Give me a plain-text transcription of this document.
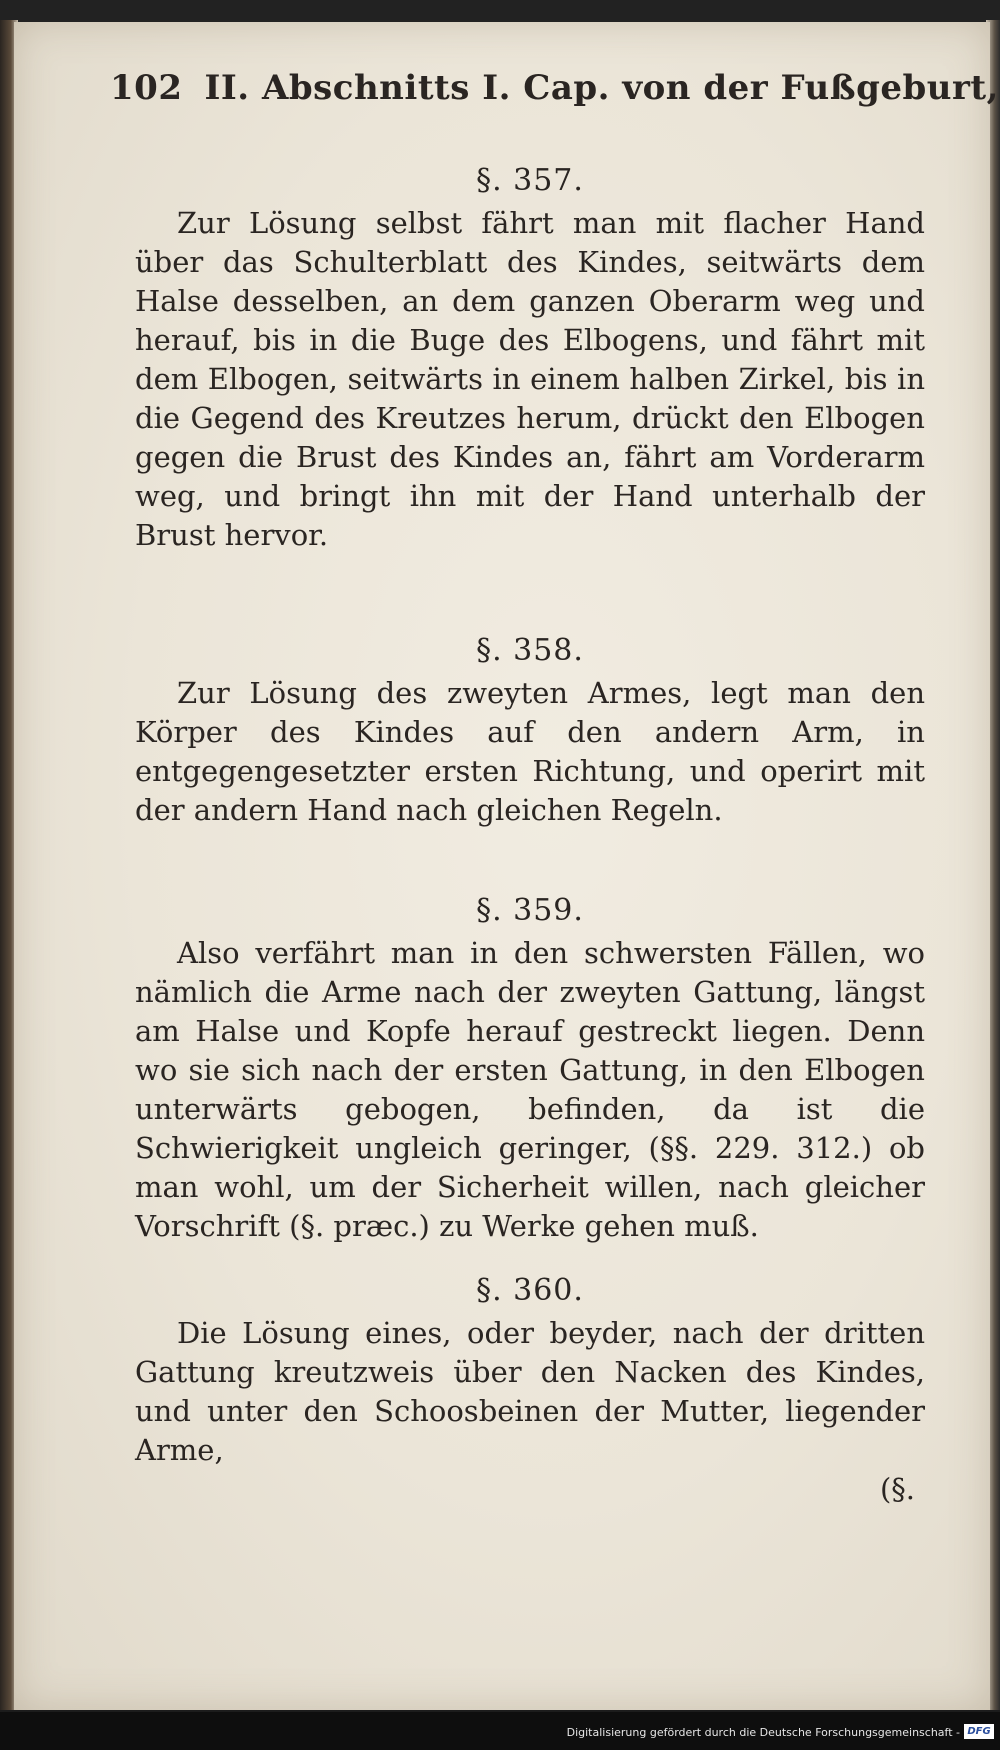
102 II. Abschnitts I. Cap. von der Fußgeburt,
§. 357.

Zur Lösung selbst fährt man mit flacher Hand über das Schulterblatt des Kindes, seitwärts dem Halse desselben, an dem ganzen Oberarm weg und herauf, bis in die Buge des Elbogens, und fährt mit dem Elbogen, seitwärts in einem halben Zirkel, bis in die Gegend des Kreutzes herum, drückt den Elbogen gegen die Brust des Kindes an, fährt am Vorderarm weg, und bringt ihn mit der Hand unterhalb der Brust hervor.

§. 358.

Zur Lösung des zweyten Armes, legt man den Körper des Kindes auf den andern Arm, in entgegengesetzter ersten Richtung, und operirt mit der andern Hand nach gleichen Regeln.

§. 359.

Also verfährt man in den schwersten Fällen, wo nämlich die Arme nach der zweyten Gattung, längst am Halse und Kopfe herauf gestreckt liegen. Denn wo sie sich nach der ersten Gattung, in den Elbogen unterwärts gebogen, befinden, da ist die Schwierigkeit ungleich geringer, (§§. 229. 312.) ob man wohl, um der Sicherheit willen, nach gleicher Vorschrift (§. præc.) zu Werke gehen muß.

§. 360.

Die Lösung eines, oder beyder, nach der dritten Gattung kreutzweis über den Nacken des Kindes, und unter den Schoosbeinen der Mutter, liegender Arme,

(§.
Digitalisierung gefördert durch die Deutsche Forschungsgemeinschaft - DFG
